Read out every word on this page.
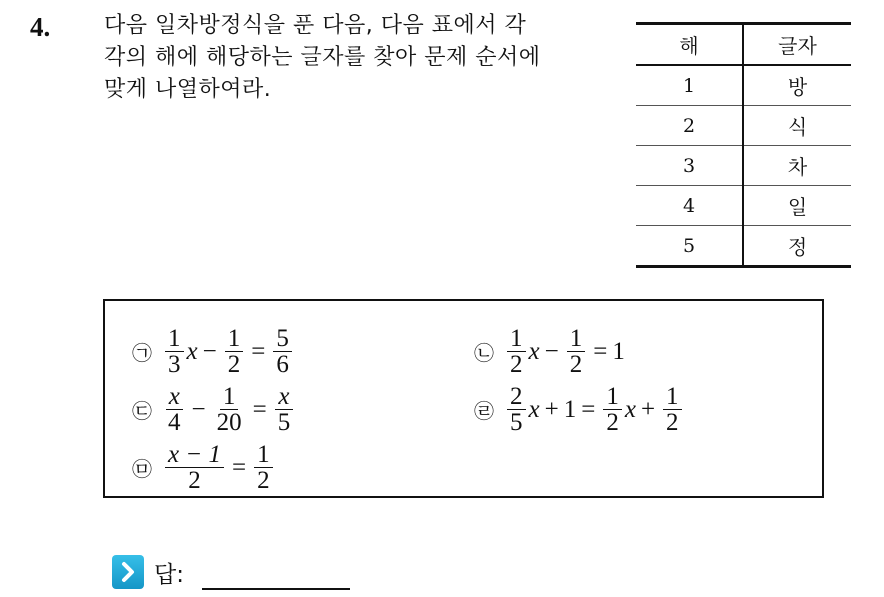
4. 다음 일차방정식을 푼 다음, 다음 표에서 각
각의 해에 해당하는 글자를 찾아 문제 순서에
맞게 나열하여라.
해	글자
1	방
2	식
3	차
4	일
5	정
㉠ $\frac{1}{3}$ $x - \frac{1}{2} = \frac{5}{6}$	㉡ $\frac{1}{2}$ $x - \frac{1}{2} = 1$
㉢ $\frac{x}{4} - \frac{1}{20} = \frac{x}{5}$	㉣ $\frac{2}{5}$ $x + 1 = \frac{1}{2}$ $x + \frac{1}{2}$
㉤ $\frac{x - 1}{2} = \frac{1}{2}$
답:
